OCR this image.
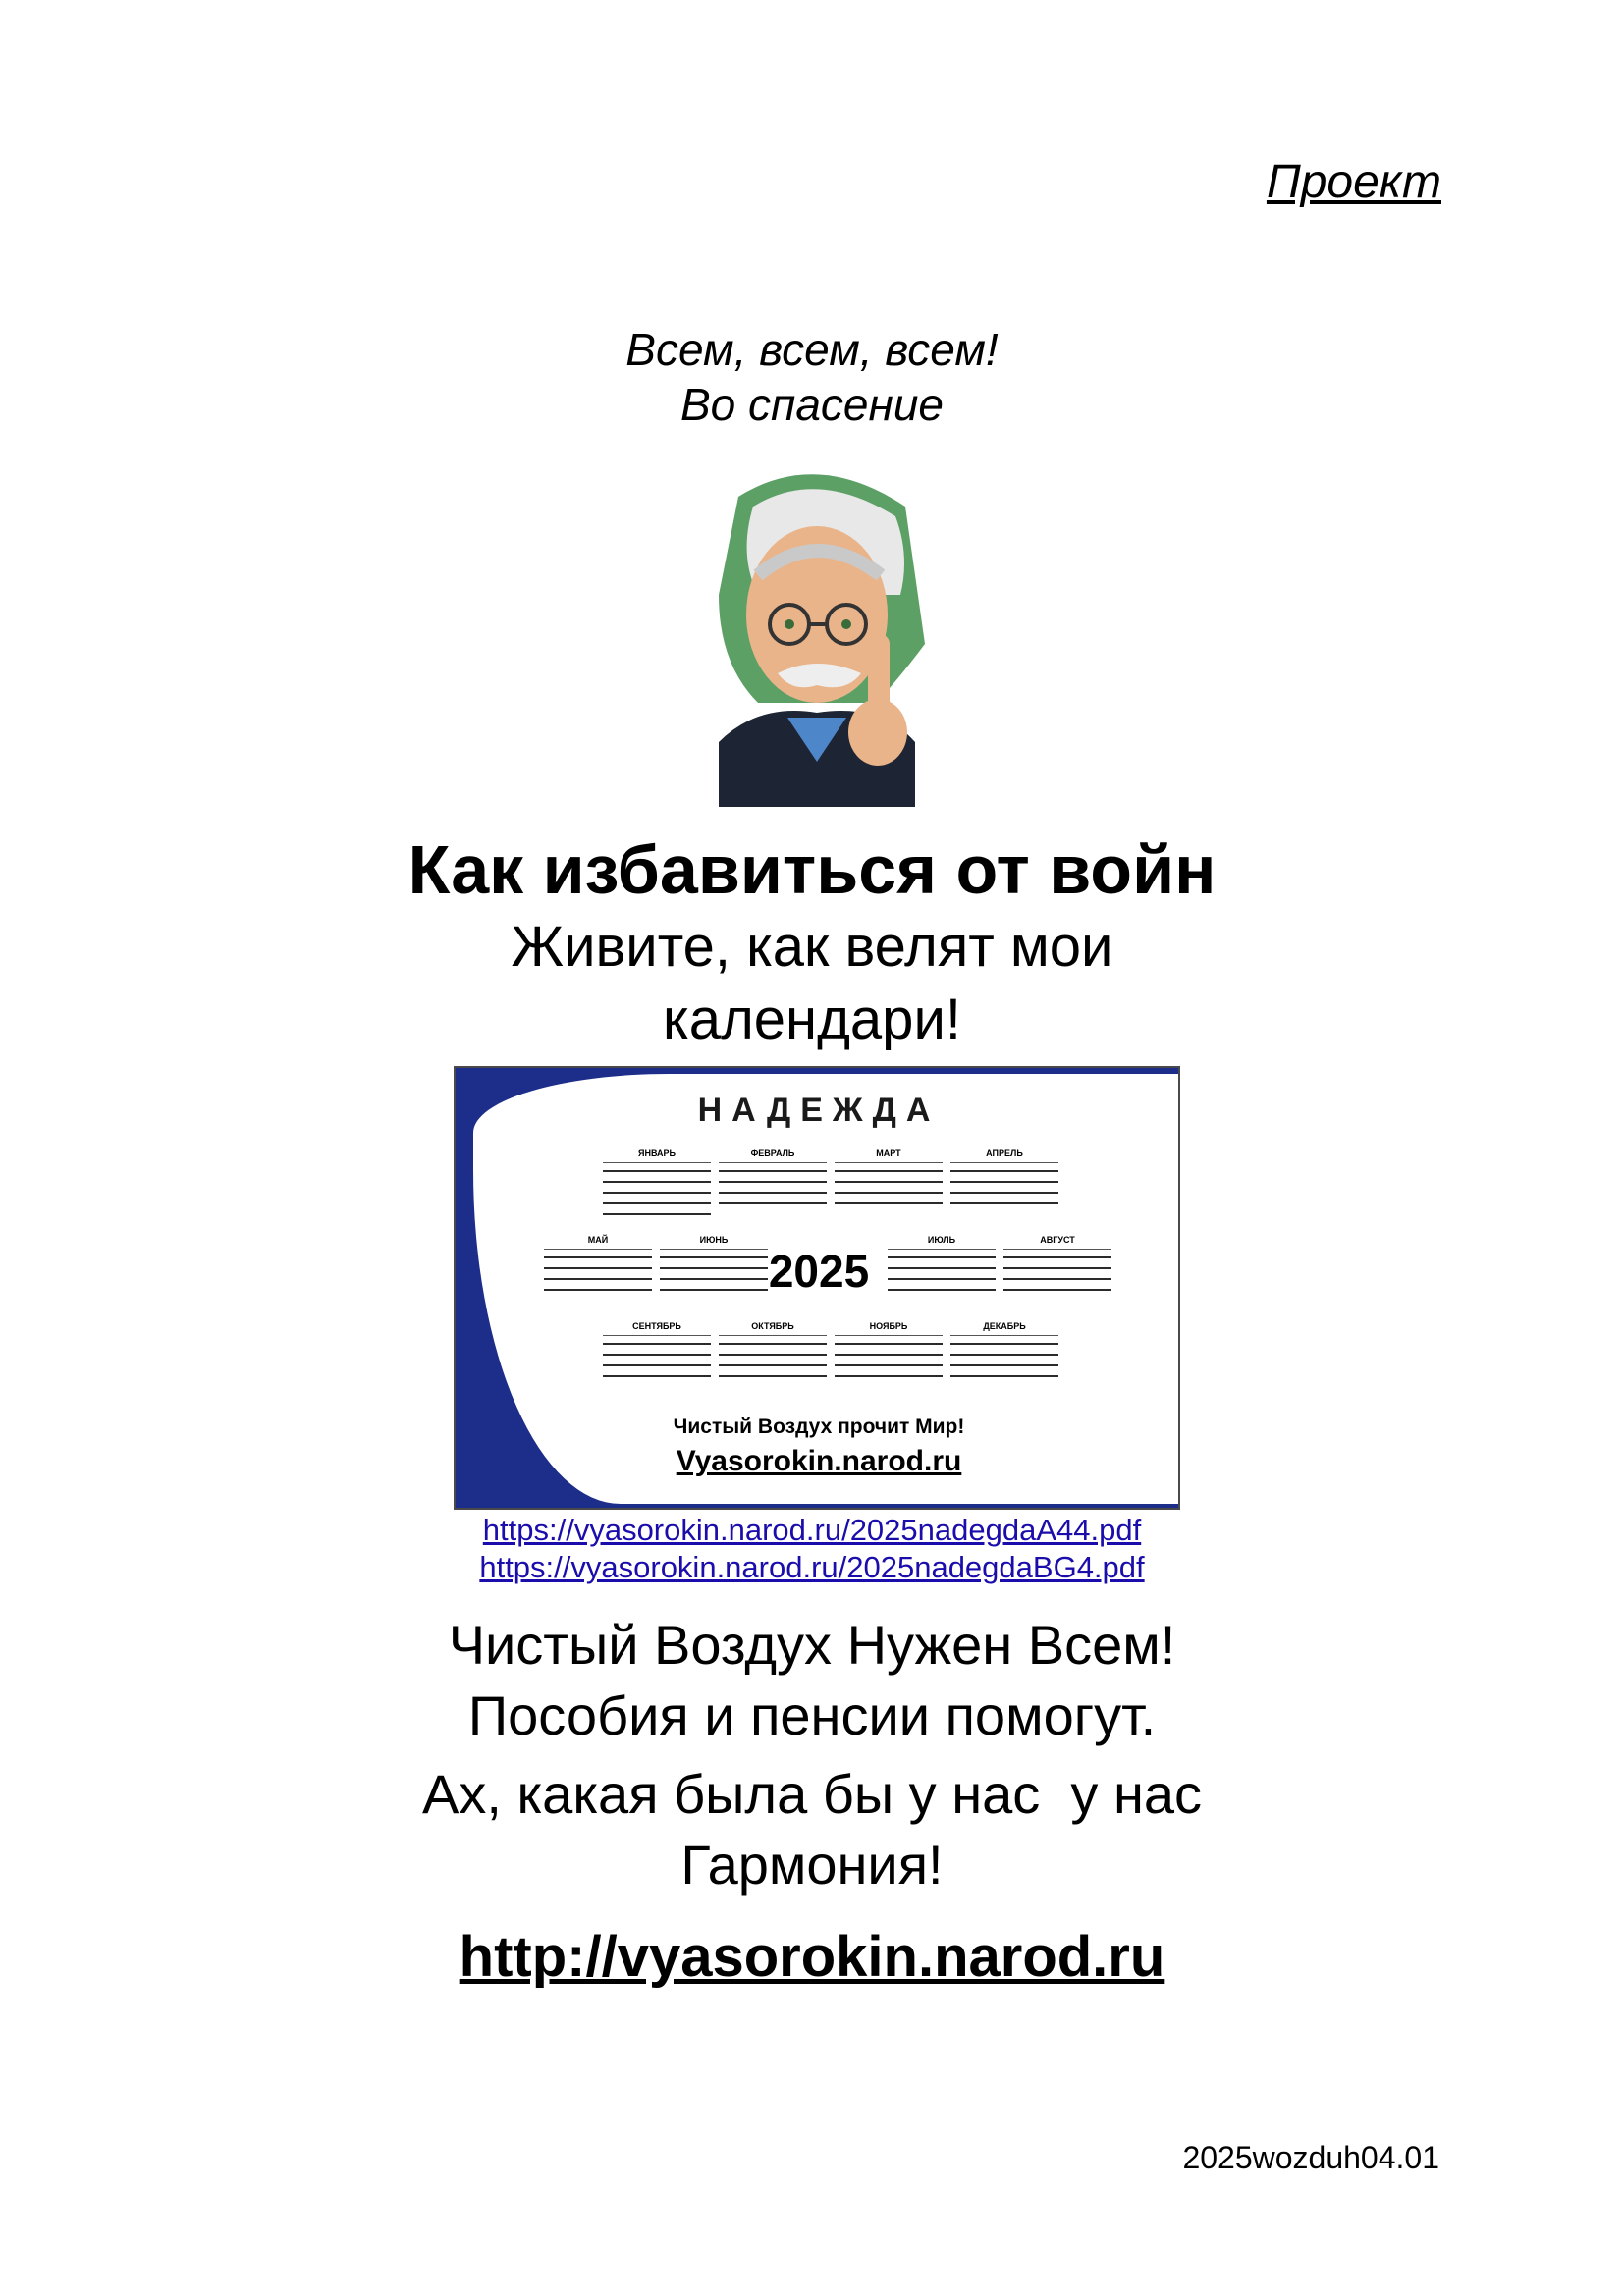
Проект
Всем, всем, всем!
Во спасение
Как избавиться от войн
Живите, как велят мои
календари!
НАДЕЖДА
ЯНВАРЬ	ФЕВРАЛЬ	МАРТ	АПРЕЛЬ
МАЙ	ИЮНЬ
2025
ИЮЛЬ	АВГУСТ
СЕНТЯБРЬ	ОКТЯБРЬ	НОЯБРЬ	ДЕКАБРЬ
Чистый Воздух прочит Мир!
Vyasorokin.narod.ru
https://vyasorokin.narod.ru/2025nadegdaA44.pdf
https://vyasorokin.narod.ru/2025nadegdaBG4.pdf
Чистый Воздух Нужен Всем!
Пособия и пенсии помогут.
Ах, какая была бы у нас  у нас
Гармония!
http://vyasorokin.narod.ru
2025wozduh04.01
